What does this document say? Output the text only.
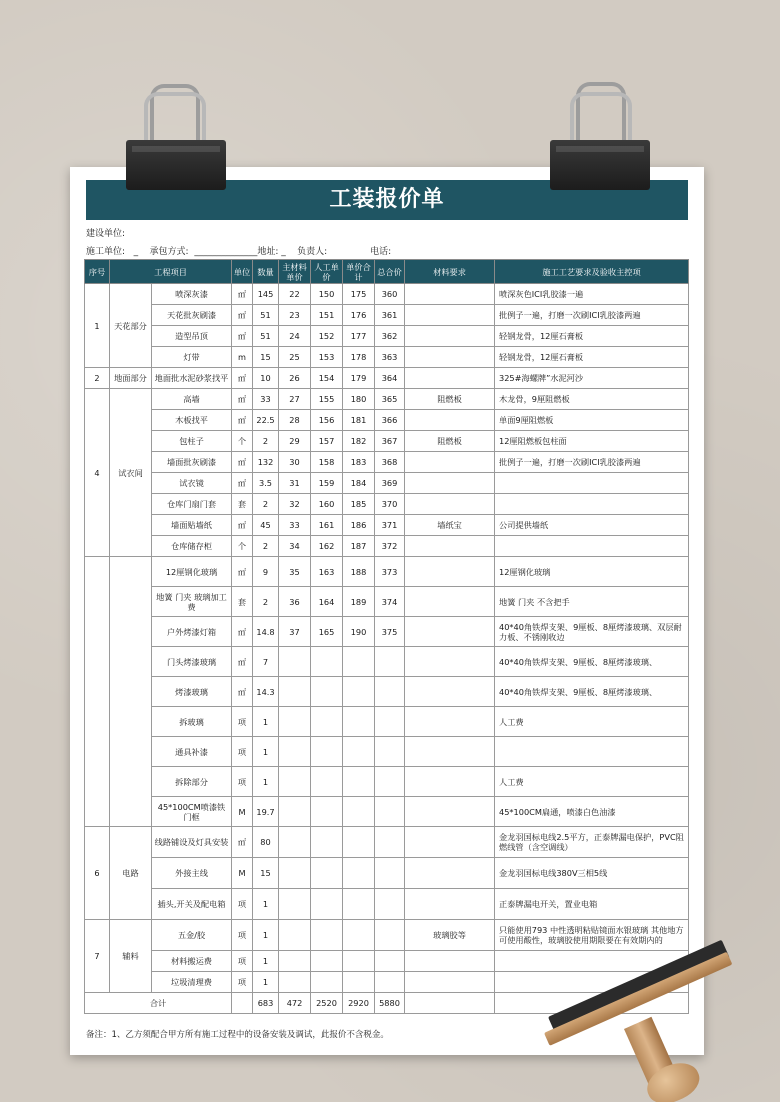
工装报价单
建设单位:
施工单位:   _    承包方式:  ______________地址: _    负责人:               电话:
序号	工程项目		单位	数量	主材料单价	人工单价	单价合计	总合价	材料要求	施工工艺要求及验收主控项
1	天花部分	喷深灰漆	㎡	145	22	150	175	360		喷深灰色ICI乳胶漆一遍
		天花批灰刷漆	㎡	51	23	151	176	361		批例子一遍，打磨一次刷ICI乳胶漆两遍
		造型吊顶	㎡	51	24	152	177	362		轻钢龙骨，12厘石膏板
		灯带	m	15	25	153	178	363		轻钢龙骨，12厘石膏板
2	地面部分	地面批水泥砂浆找平	㎡	10	26	154	179	364		325#海螺牌”水泥河沙
4	试衣间	高墙	㎡	33	27	155	180	365	阻燃板	木龙骨，9厘阻燃板
		木板找平	㎡	22.5	28	156	181	366		单面9厘阻燃板
		包柱子	个	2	29	157	182	367	阻燃板	12厘阻燃板包柱面
		墙面批灰刷漆	㎡	132	30	158	183	368		批例子一遍，打磨一次刷ICI乳胶漆两遍
		试衣镜	㎡	3.5	31	159	184	369		
		仓库门扇门套	套	2	32	160	185	370		
		墙面贴墙纸	㎡	45	33	161	186	371	墙纸宝	公司提供墙纸
		仓库储存柜	个	2	34	162	187	372		
		12厘钢化玻璃	㎡	9	35	163	188	373		12厘钢化玻璃
		地簧 门夹 玻璃加工费	套	2	36	164	189	374		地簧 门夹 不含把手
		户外烤漆灯箱	㎡	14.8	37	165	190	375		40*40角铁焊支架、9厘板、8厘烤漆玻璃、双层耐力板、不锈刚收边
		门头烤漆玻璃	㎡	7						40*40角铁焊支架、9厘板、8厘烤漆玻璃、
		烤漆玻璃	㎡	14.3						40*40角铁焊支架、9厘板、8厘烤漆玻璃、
		拆玻璃	项	1						人工费
		通具补漆	项	1						
		拆除部分	项	1						人工费
		45*100CM喷漆铁门框	M	19.7						45*100CM扁通，喷漆白色油漆
6	电路	线路铺设及灯具安装	㎡	80						金龙羽国标电线2.5平方，正泰牌漏电保护，PVC阻燃线管（含空调线）
		外接主线	M	15						金龙羽国标电线380V三相5线
		插头,开关及配电箱	项	1						正泰牌漏电开关，置业电箱
7	辅料	五金/胶	项	1					玻璃胶等	只能使用793 中性透明粘贴镜面水银玻璃 其他地方可使用酸性，玻璃胶使用期限要在有效期内的
		材料搬运费	项	1						
		垃圾清理费	项	1						
合计				683	472	2520	2920	5880		
备注：1、乙方须配合甲方所有施工过程中的设备安装及调试，此报价不含税金。
